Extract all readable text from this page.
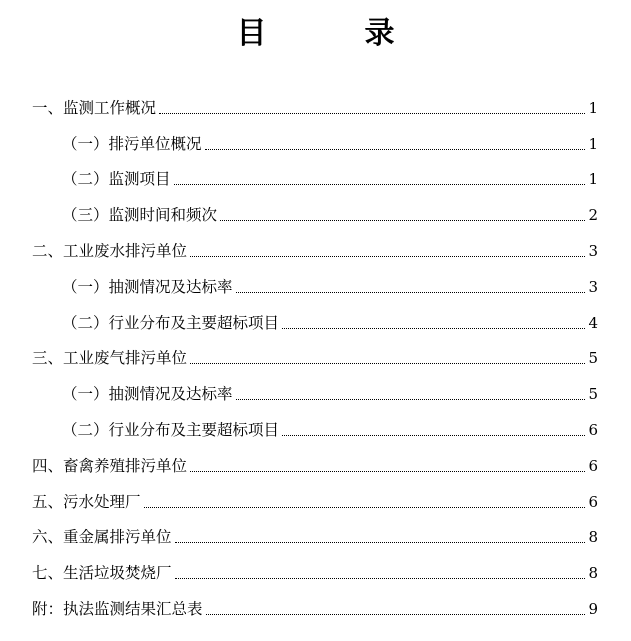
目　录
一、监测工作概况	1
（一）排污单位概况	1
（二）监测项目	1
（三）监测时间和频次	2
二、工业废水排污单位	3
（一）抽测情况及达标率	3
（二）行业分布及主要超标项目	4
三、工业废气排污单位	5
（一）抽测情况及达标率	5
（二）行业分布及主要超标项目	6
四、畜禽养殖排污单位	6
五、污水处理厂	6
六、重金属排污单位	8
七、生活垃圾焚烧厂	8
附：执法监测结果汇总表	9
